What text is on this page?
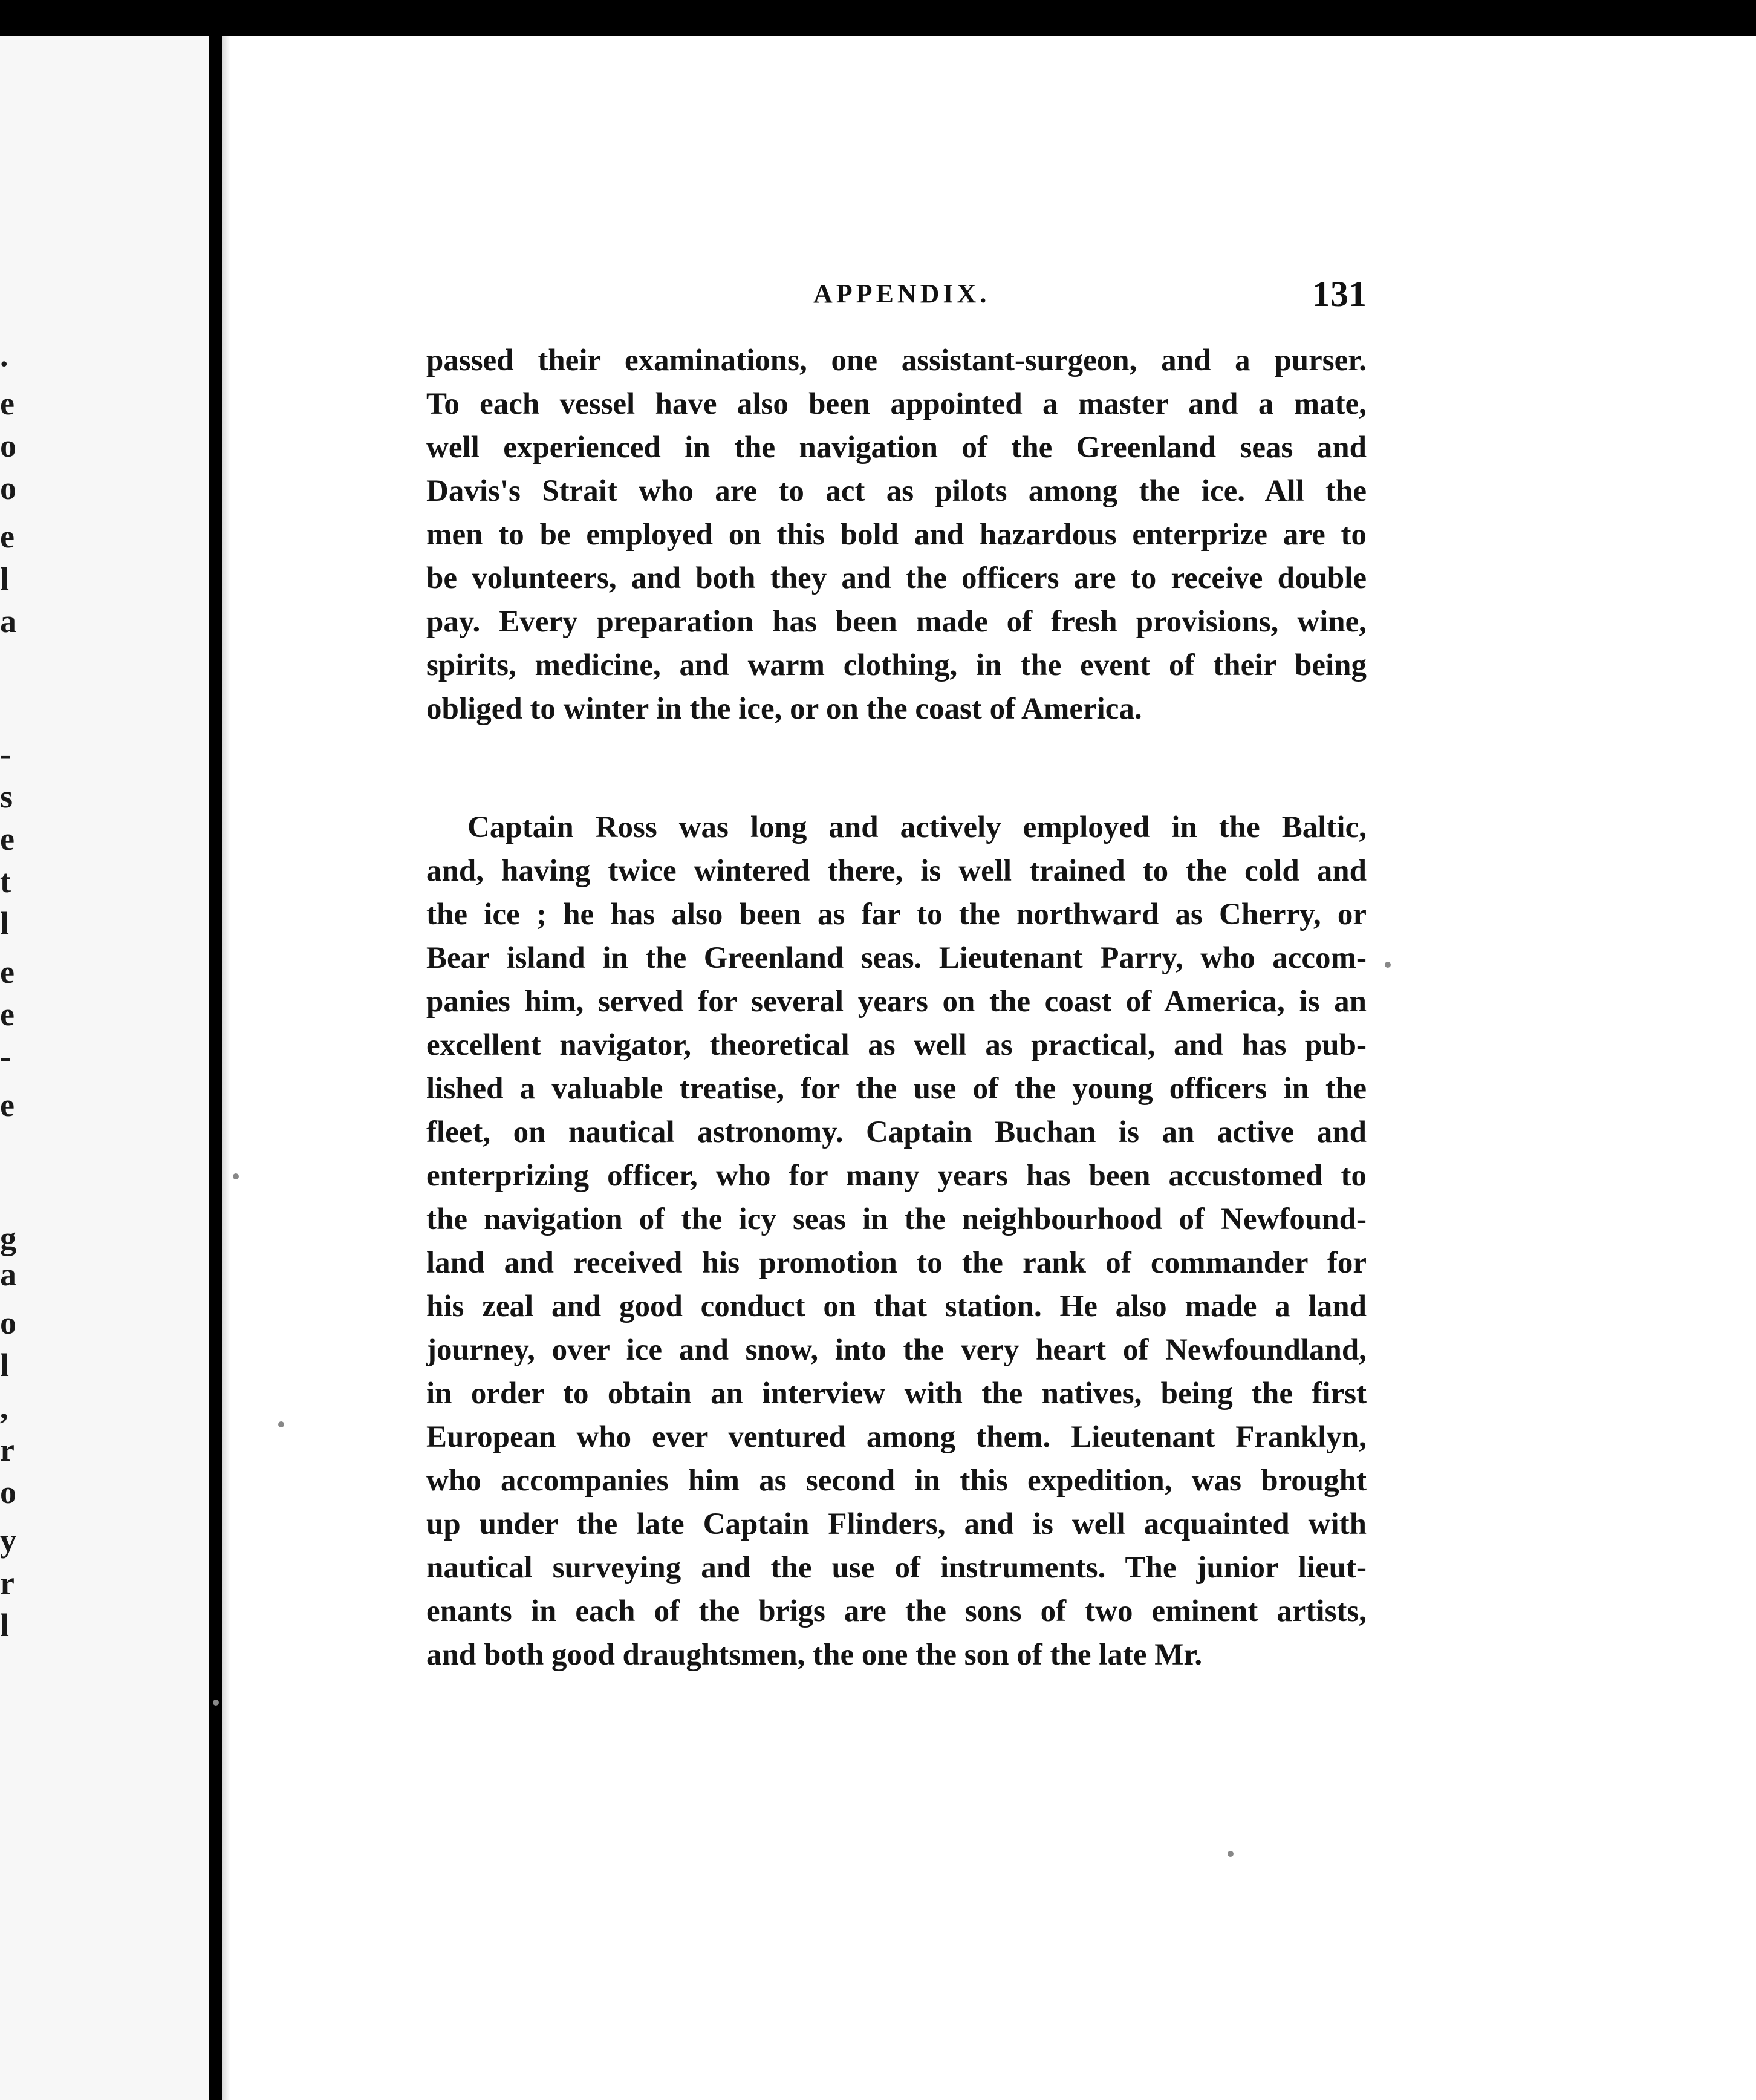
.
e
o
o
e
l
a
-
s
e
t
l
e
e
-
e
g
a
o
l
,
r
o
y
r
l
APPENDIX.	131
passed their examinations, one assistant-surgeon, and a purser.
To each vessel have also been appointed a master and a mate,
well experienced in the navigation of the Greenland seas and
Davis's Strait who are to act as pilots among the ice. All the
men to be employed on this bold and hazardous enterprize are to
be volunteers, and both they and the officers are to receive double
pay. Every preparation has been made of fresh provisions, wine,
spirits, medicine, and warm clothing, in the event of their being
obliged to winter in the ice, or on the coast of America.
Captain Ross was long and actively employed in the Baltic,
and, having twice wintered there, is well trained to the cold and
the ice ; he has also been as far to the northward as Cherry, or
Bear island in the Greenland seas. Lieutenant Parry, who accom-
panies him, served for several years on the coast of America, is an
excellent navigator, theoretical as well as practical, and has pub-
lished a valuable treatise, for the use of the young officers in the
fleet, on nautical astronomy. Captain Buchan is an active and
enterprizing officer, who for many years has been accustomed to
the navigation of the icy seas in the neighbourhood of Newfound-
land and received his promotion to the rank of commander for
his zeal and good conduct on that station. He also made a land
journey, over ice and snow, into the very heart of Newfoundland,
in order to obtain an interview with the natives, being the first
European who ever ventured among them. Lieutenant Franklyn,
who accompanies him as second in this expedition, was brought
up under the late Captain Flinders, and is well acquainted with
nautical surveying and the use of instruments. The junior lieut-
enants in each of the brigs are the sons of two eminent artists,
and both good draughtsmen, the one the son of the late Mr.
